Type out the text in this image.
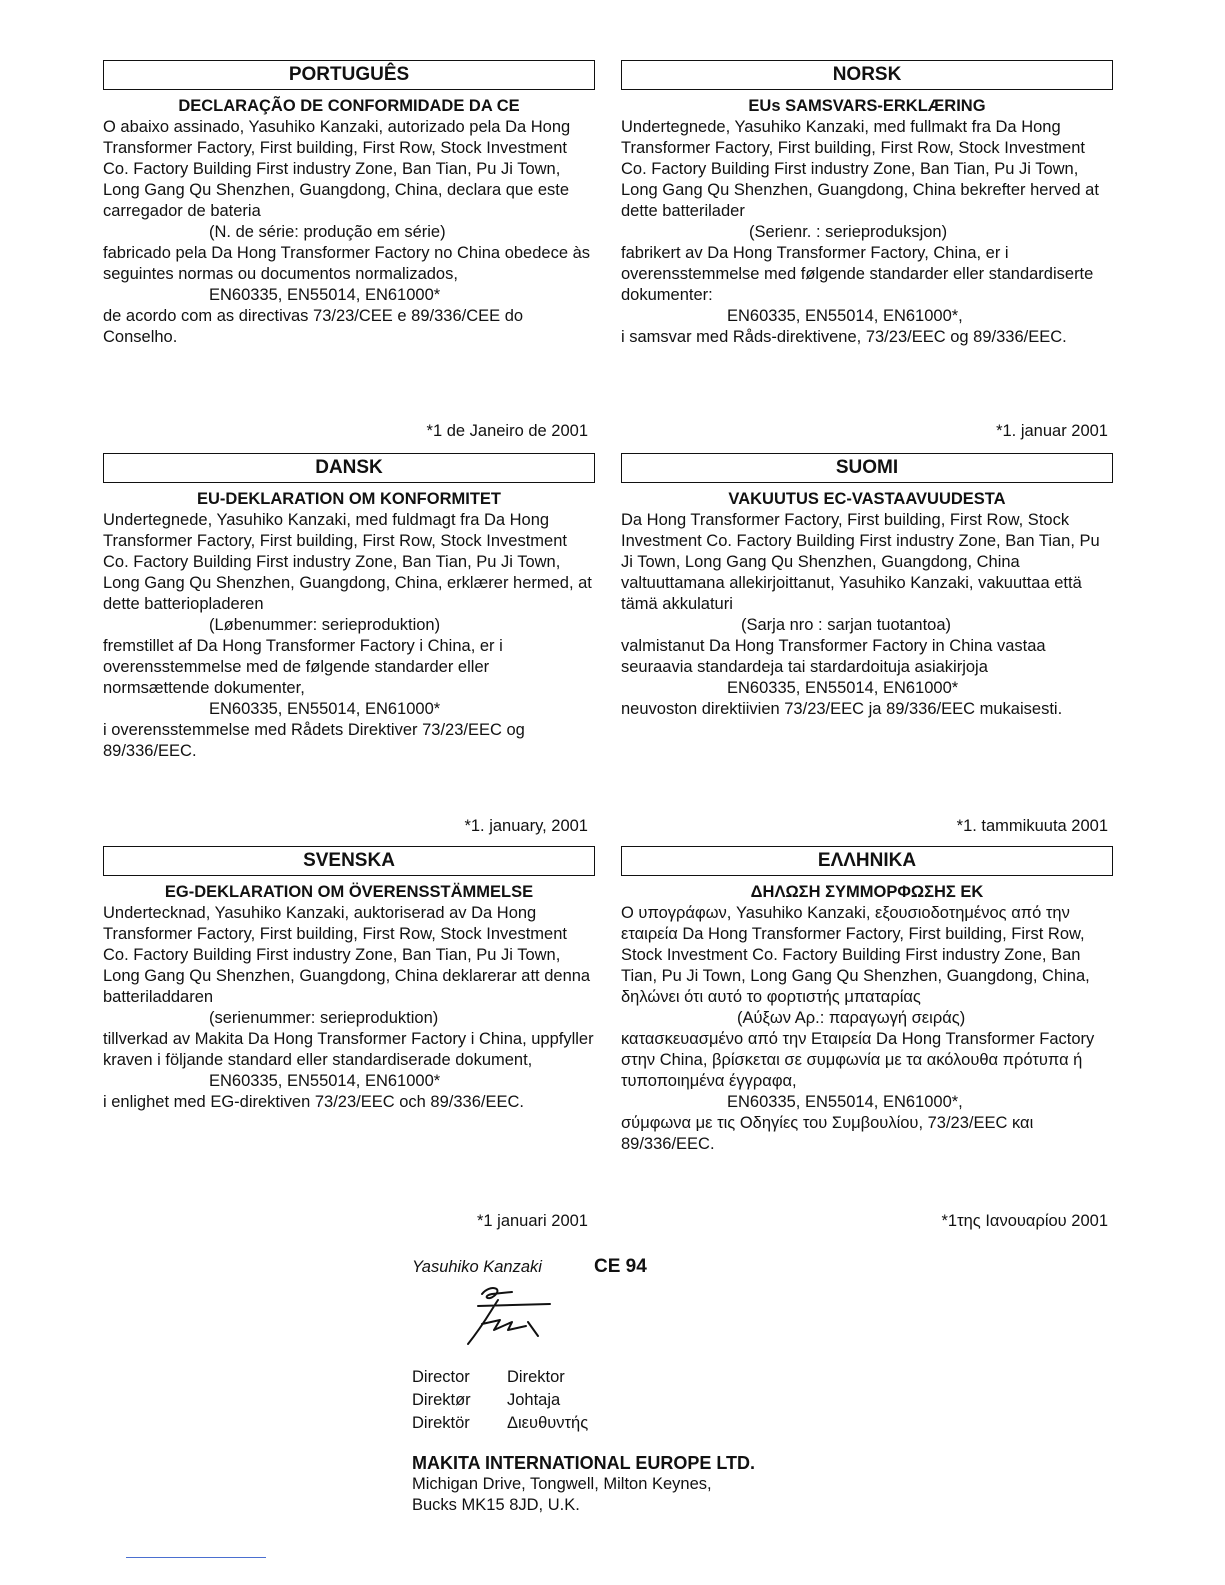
PORTUGUÊS
DECLARAÇÃO DE CONFORMIDADE DA CE
O abaixo assinado, Yasuhiko Kanzaki, autorizado pela Da Hong Transformer Factory, First building, First Row, Stock Investment Co. Factory Building First industry Zone, Ban Tian, Pu Ji Town, Long Gang Qu Shenzhen, Guangdong, China, declara que este carregador de bateria
(N. de série: produção em série)
fabricado pela Da Hong Transformer Factory no China obedece às seguintes normas ou documentos normalizados,
EN60335, EN55014, EN61000*
de acordo com as directivas 73/23/CEE e 89/336/CEE do Conselho.
*1 de Janeiro de 2001
NORSK
EUs SAMSVARS-ERKLÆRING
Undertegnede, Yasuhiko Kanzaki, med fullmakt fra Da Hong Transformer Factory, First building, First Row, Stock Investment Co. Factory Building First industry Zone, Ban Tian, Pu Ji Town, Long Gang Qu Shenzhen, Guangdong, China bekrefter herved at dette batterilader
(Serienr. : serieproduksjon)
fabrikert av Da Hong Transformer Factory, China, er i overensstemmelse med følgende standarder eller standardiserte dokumenter:
EN60335, EN55014, EN61000*,
i samsvar med Råds-direktivene, 73/23/EEC og 89/336/EEC.
*1. januar 2001
DANSK
EU-DEKLARATION OM KONFORMITET
Undertegnede, Yasuhiko Kanzaki, med fuldmagt fra Da Hong Transformer Factory, First building, First Row, Stock Investment Co. Factory Building First industry Zone, Ban Tian, Pu Ji Town, Long Gang Qu Shenzhen, Guangdong, China, erklærer hermed, at dette batteriopladeren
(Løbenummer: serieproduktion)
fremstillet af Da Hong Transformer Factory i China, er i overensstemmelse med de følgende standarder eller normsættende dokumenter,
EN60335, EN55014, EN61000*
i overensstemmelse med Rådets Direktiver 73/23/EEC og 89/336/EEC.
*1. january, 2001
SUOMI
VAKUUTUS EC-VASTAAVUUDESTA
Da Hong Transformer Factory, First building, First Row, Stock Investment Co. Factory Building First industry Zone, Ban Tian, Pu Ji Town, Long Gang Qu Shenzhen, Guangdong, China valtuuttamana allekirjoittanut, Yasuhiko Kanzaki, vakuuttaa että tämä akkulaturi
(Sarja nro : sarjan tuotantoa)
valmistanut Da Hong Transformer Factory in China vastaa seuraavia standardeja tai stardardoituja asiakirjoja
EN60335, EN55014, EN61000*
neuvoston direktiivien 73/23/EEC ja 89/336/EEC mukaisesti.
*1. tammikuuta 2001
SVENSKA
EG-DEKLARATION OM ÖVERENSSTÄMMELSE
Undertecknad, Yasuhiko Kanzaki, auktoriserad av Da Hong Transformer Factory, First building, First Row, Stock Investment Co. Factory Building First industry Zone, Ban Tian, Pu Ji Town, Long Gang Qu Shenzhen, Guangdong, China deklarerar att denna batteriladdaren
(serienummer: serieproduktion)
tillverkad av Makita Da Hong Transformer Factory i China, uppfyller kraven i följande standard eller standardiserade dokument,
EN60335, EN55014, EN61000*
i enlighet med EG-direktiven 73/23/EEC och 89/336/EEC.
*1 januari 2001
ΕΛΛΗΝΙΚΑ
ΔΗΛΩΣΗ ΣΥΜΜΟΡΦΩΣΗΣ ΕΚ
Ο υπογράφων, Yasuhiko Kanzaki, εξουσιοδοτημένος από την εταιρεία Da Hong Transformer Factory, First building, First Row, Stock Investment Co. Factory Building First industry Zone, Ban Tian, Pu Ji Town, Long Gang Qu Shenzhen, Guangdong, China, δηλώνει ότι αυτό το φορτιστής μπαταρίας
(Αύξων Αρ.: παραγωγή σειράς)
κατασκευασμένο από την Εταιρεία Da Hong Transformer Factory στην China, βρίσκεται σε συμφωνία με τα ακόλουθα πρότυπα ή τυποποιημένα έγγραφα,
EN60335, EN55014, EN61000*,
σύμφωνα με τις Οδηγίες του Συμβουλίου, 73/23/EEC και 89/336/EEC.
*1της Ιανουαρίου 2001
Yasuhiko Kanzaki	CE 94
Director Direktor
Direktør Johtaja
Direktör Διευθυντής
MAKITA INTERNATIONAL EUROPE LTD.
Michigan Drive, Tongwell, Milton Keynes,
Bucks MK15 8JD, U.K.
